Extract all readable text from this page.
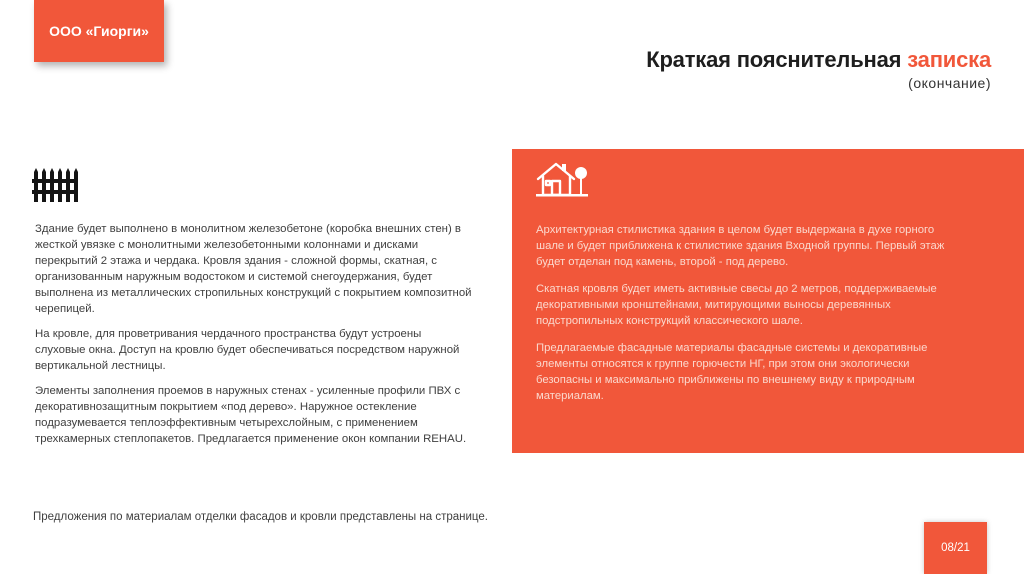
ООО «Гиорги»
Краткая пояснительная записка
(окончание)

Здание будет выполнено в монолитном железобетоне (коробка внешних стен) в жесткой увязке с монолитными железобетонными колоннами и дисками перекрытий 2 этажа и чердака. Кровля здания - сложной формы, скатная, с организованным наружным водостоком и системой снегоудержания, будет выполнена из металлических стропильных конструкций с покрытием композитной черепицей.

На кровле, для проветривания чердачного пространства будут устроены слуховые окна. Доступ на кровлю будет обеспечиваться посредством наружной вертикальной лестницы.

Элементы заполнения проемов в наружных стенах - усиленные профили ПВХ с декоративнозащитным покрытием «под дерево». Наружное остекление подразумевается теплоэффективным четырехслойным, с применением трехкамерных степлопакетов. Предлагается применение окон компании REHAU.

Архитектурная стилистика здания в целом будет выдержана в духе горного шале и будет приближена к стилистике здания Входной группы. Первый этаж будет отделан под камень, второй - под дерево.

Скатная кровля будет иметь активные свесы до 2 метров, поддерживаемые декоративными кронштейнами, митирующими выносы деревянных подстропильных конструкций классического шале.

Предлагаемые фасадные материалы фасадные системы и декоративные элементы относятся к группе горючести НГ, при этом они экологически безопасны и максимально приближены по внешнему виду к природным материалам.

Предложения по материалам отделки фасадов и кровли представлены на странице.
08/21
